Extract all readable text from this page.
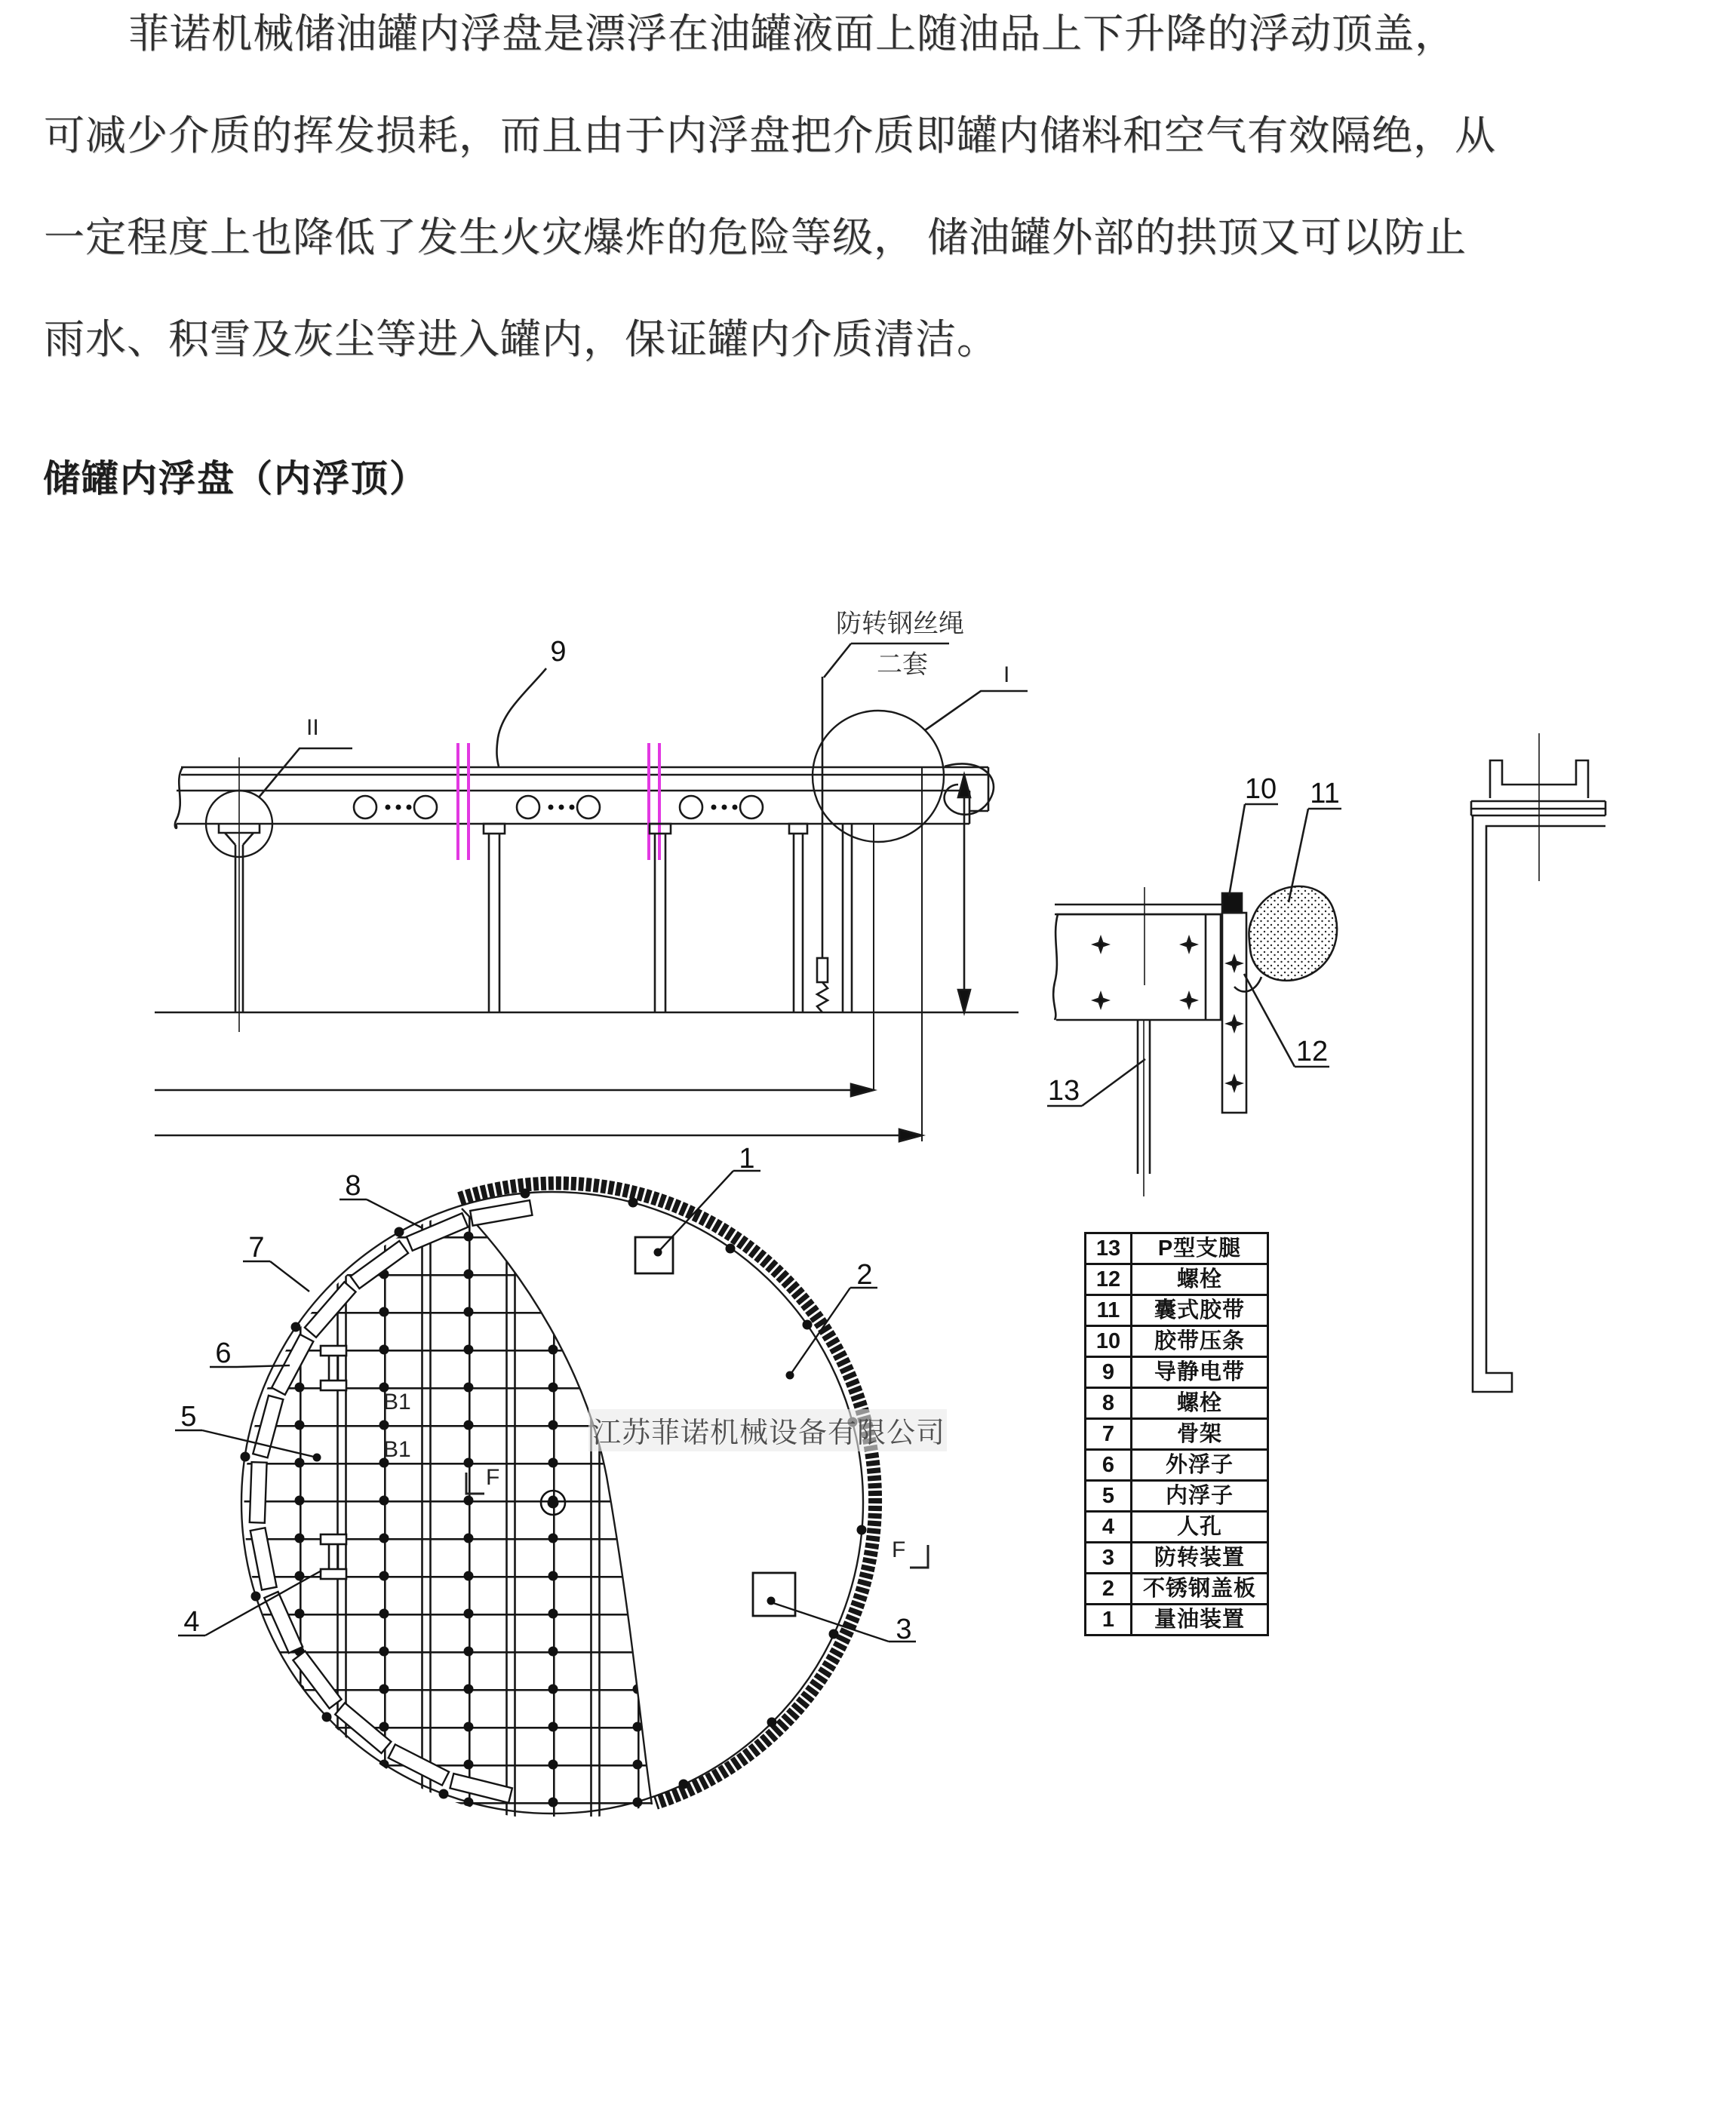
菲诺机械储油罐内浮盘是漂浮在油罐液面上随油品上下升降的浮动顶盖，
可减少介质的挥发损耗，而且由于内浮盘把介质即罐内储料和空气有效隔绝，从
一定程度上也降低了发生火灾爆炸的危险等级， 储油罐外部的拱顶又可以防止
雨水、积雪及灰尘等进入罐内，保证罐内介质清洁。
储罐内浮盘（内浮顶）
防转钢丝绳
二套
9
II
I
10 11
12
13
江苏菲诺机械设备有限公司
1
2
3
4
5
6
7
8
B1
B1
F
F
13	P型支腿
12	螺栓
11	囊式胶带
10	胶带压条
9	导静电带
8	螺栓
7	骨架
6	外浮子
5	内浮子
4	人孔
3	防转装置
2	不锈钢盖板
1	量油装置
